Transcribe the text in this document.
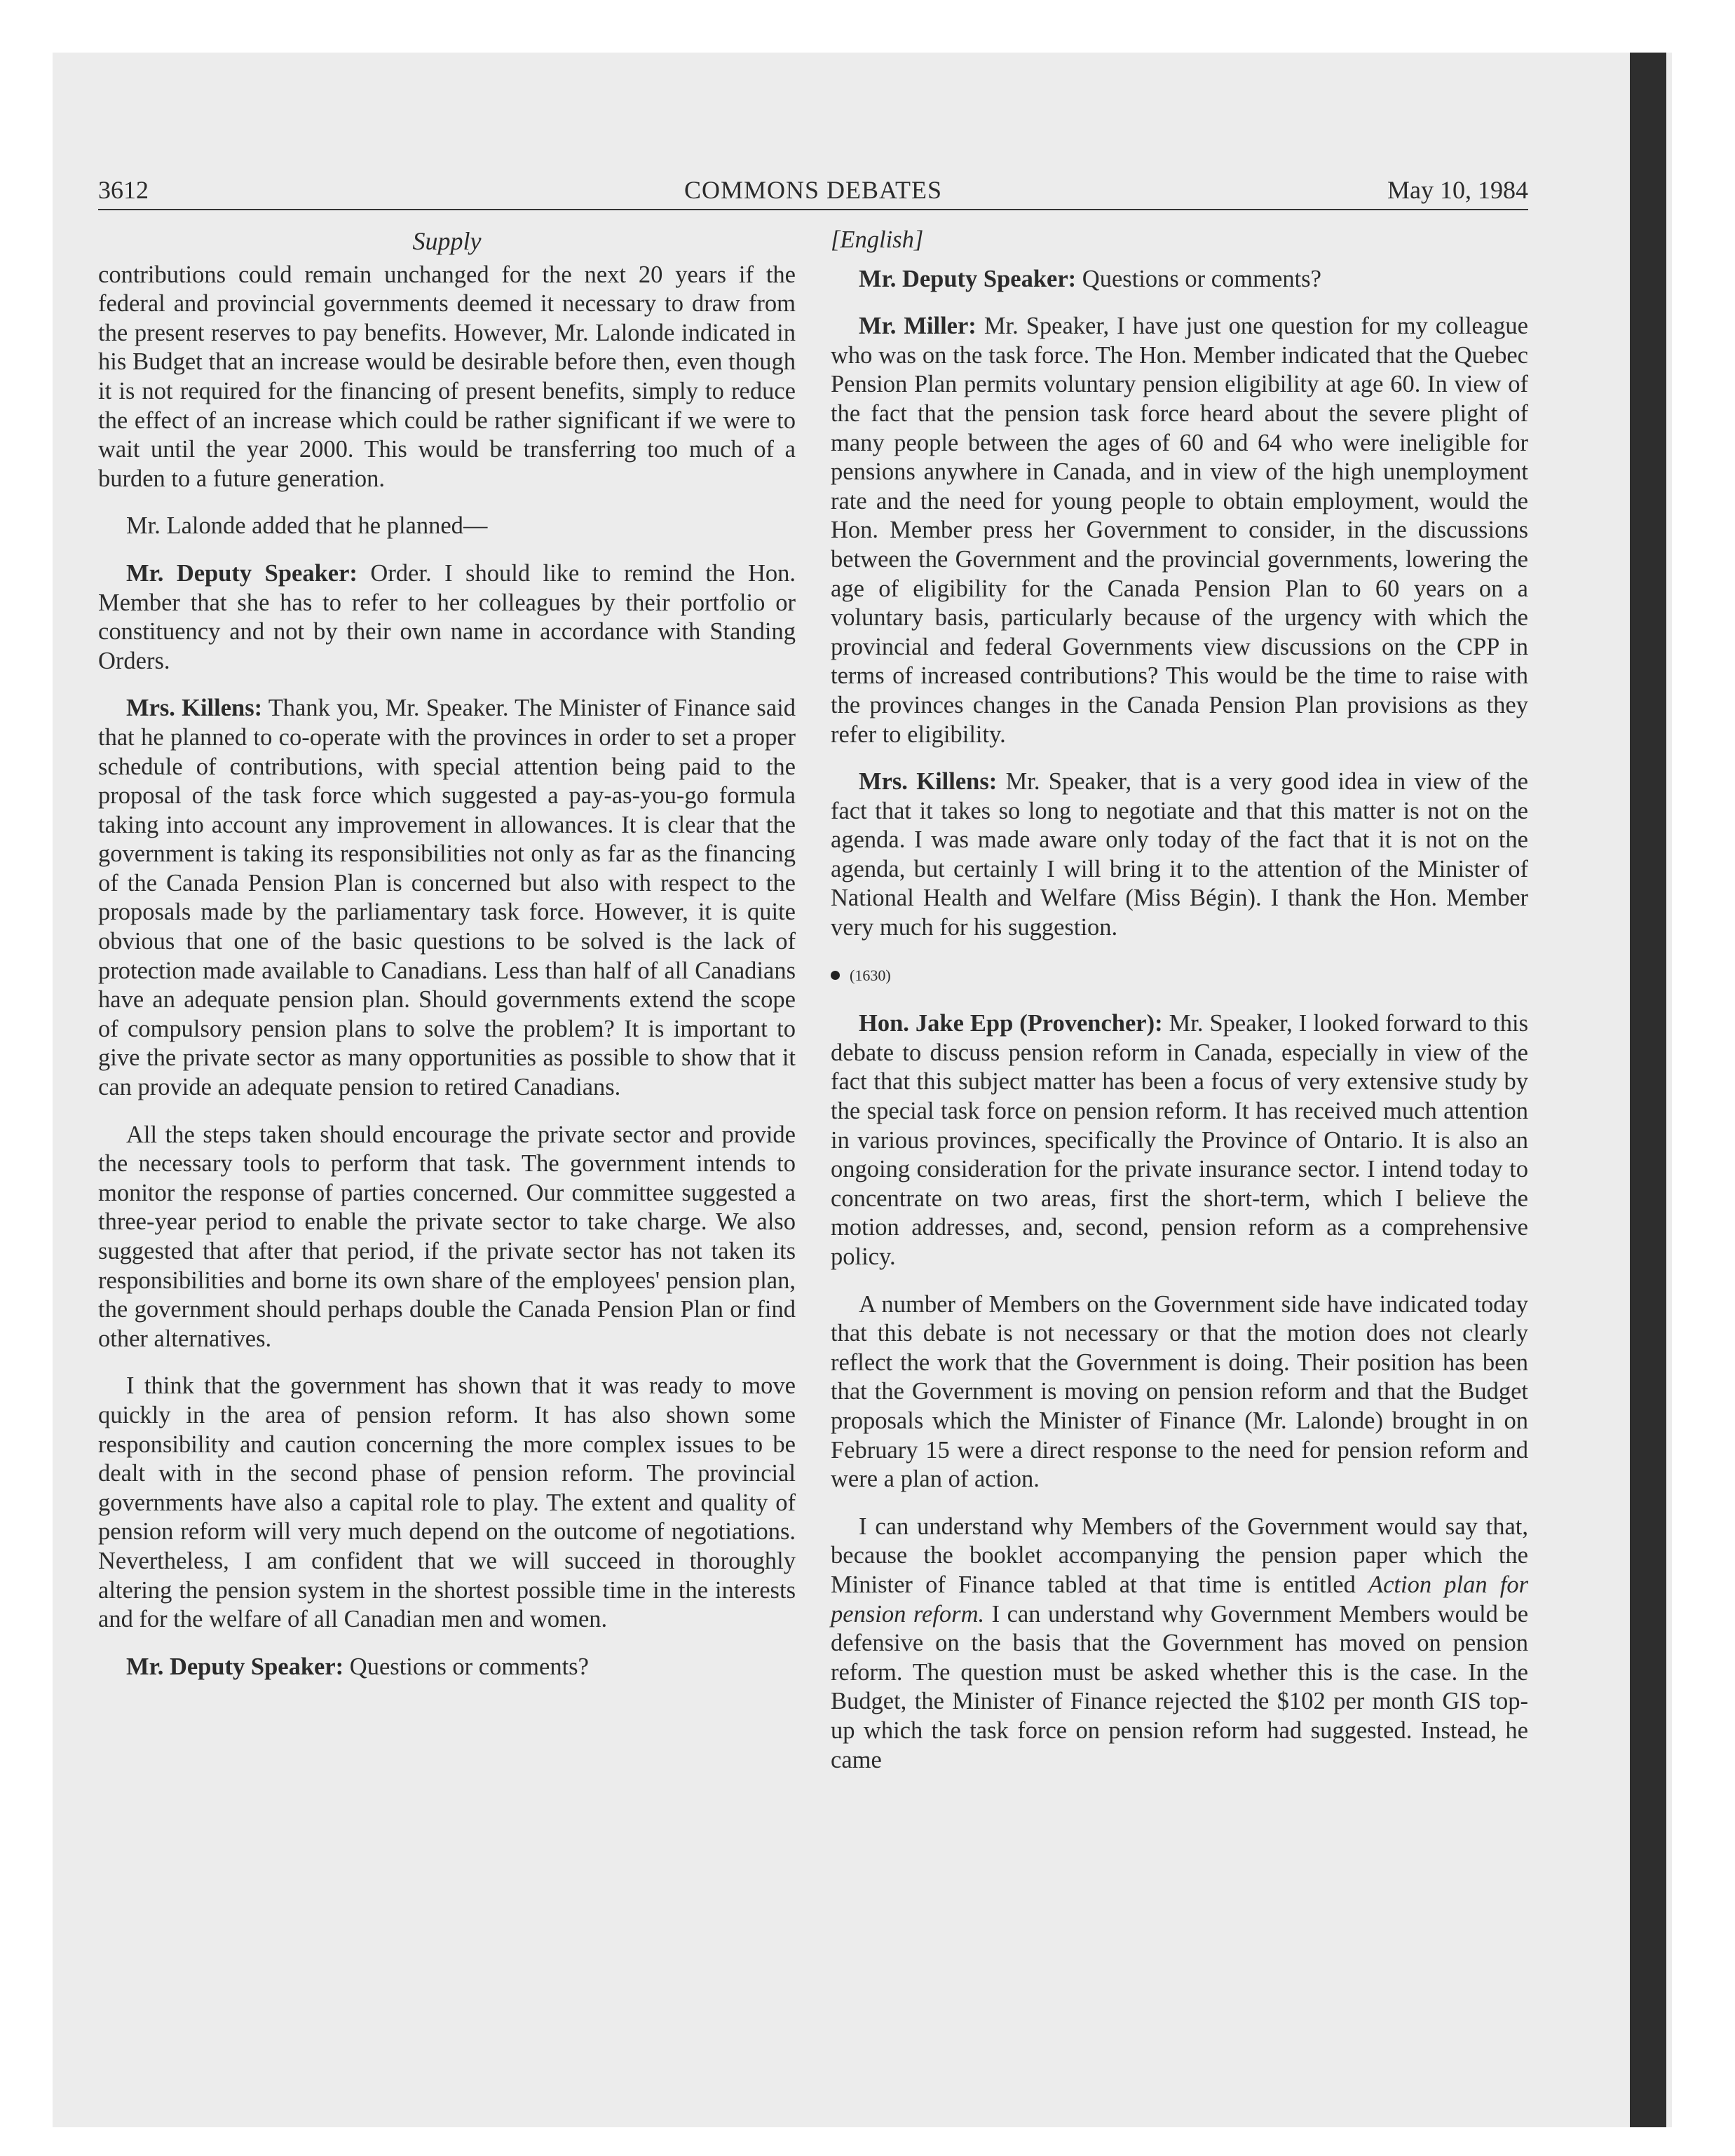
3612	COMMONS DEBATES	May 10, 1984
Supply

contributions could remain unchanged for the next 20 years if the federal and provincial governments deemed it necessary to draw from the present reserves to pay benefits. However, Mr. Lalonde indicated in his Budget that an increase would be desirable before then, even though it is not required for the financing of present benefits, simply to reduce the effect of an increase which could be rather significant if we were to wait until the year 2000. This would be transferring too much of a burden to a future generation.

Mr. Lalonde added that he planned—

Mr. Deputy Speaker: Order. I should like to remind the Hon. Member that she has to refer to her colleagues by their portfolio or constituency and not by their own name in accordance with Standing Orders.

Mrs. Killens: Thank you, Mr. Speaker. The Minister of Finance said that he planned to co-operate with the provinces in order to set a proper schedule of contributions, with special attention being paid to the proposal of the task force which suggested a pay-as-you-go formula taking into account any improvement in allowances. It is clear that the government is taking its responsibilities not only as far as the financing of the Canada Pension Plan is concerned but also with respect to the proposals made by the parliamentary task force. However, it is quite obvious that one of the basic questions to be solved is the lack of protection made available to Canadians. Less than half of all Canadians have an adequate pension plan. Should governments extend the scope of compulsory pension plans to solve the problem? It is important to give the private sector as many opportunities as possible to show that it can provide an adequate pension to retired Canadians.

All the steps taken should encourage the private sector and provide the necessary tools to perform that task. The government intends to monitor the response of parties concerned. Our committee suggested a three-year period to enable the private sector to take charge. We also suggested that after that period, if the private sector has not taken its responsibilities and borne its own share of the employees' pension plan, the government should perhaps double the Canada Pension Plan or find other alternatives.

I think that the government has shown that it was ready to move quickly in the area of pension reform. It has also shown some responsibility and caution concerning the more complex issues to be dealt with in the second phase of pension reform. The provincial governments have also a capital role to play. The extent and quality of pension reform will very much depend on the outcome of negotiations. Nevertheless, I am confident that we will succeed in thoroughly altering the pension system in the shortest possible time in the interests and for the welfare of all Canadian men and women.

Mr. Deputy Speaker: Questions or comments?

[English]

Mr. Deputy Speaker: Questions or comments?

Mr. Miller: Mr. Speaker, I have just one question for my colleague who was on the task force. The Hon. Member indicated that the Quebec Pension Plan permits voluntary pension eligibility at age 60. In view of the fact that the pension task force heard about the severe plight of many people between the ages of 60 and 64 who were ineligible for pensions anywhere in Canada, and in view of the high unemployment rate and the need for young people to obtain employment, would the Hon. Member press her Government to consider, in the discussions between the Government and the provincial governments, lowering the age of eligibility for the Canada Pension Plan to 60 years on a voluntary basis, particularly because of the urgency with which the provincial and federal Governments view discussions on the CPP in terms of increased contributions? This would be the time to raise with the provinces changes in the Canada Pension Plan provisions as they refer to eligibility.

Mrs. Killens: Mr. Speaker, that is a very good idea in view of the fact that it takes so long to negotiate and that this matter is not on the agenda. I was made aware only today of the fact that it is not on the agenda, but certainly I will bring it to the attention of the Minister of National Health and Welfare (Miss Bégin). I thank the Hon. Member very much for his suggestion.

(1630)

Hon. Jake Epp (Provencher): Mr. Speaker, I looked forward to this debate to discuss pension reform in Canada, especially in view of the fact that this subject matter has been a focus of very extensive study by the special task force on pension reform. It has received much attention in various provinces, specifically the Province of Ontario. It is also an ongoing consideration for the private insurance sector. I intend today to concentrate on two areas, first the short-term, which I believe the motion addresses, and, second, pension reform as a comprehensive policy.

A number of Members on the Government side have indicated today that this debate is not necessary or that the motion does not clearly reflect the work that the Government is doing. Their position has been that the Government is moving on pension reform and that the Budget proposals which the Minister of Finance (Mr. Lalonde) brought in on February 15 were a direct response to the need for pension reform and were a plan of action.

I can understand why Members of the Government would say that, because the booklet accompanying the pension paper which the Minister of Finance tabled at that time is entitled Action plan for pension reform. I can understand why Government Members would be defensive on the basis that the Government has moved on pension reform. The question must be asked whether this is the case. In the Budget, the Minister of Finance rejected the $102 per month GIS top-up which the task force on pension reform had suggested. Instead, he came
